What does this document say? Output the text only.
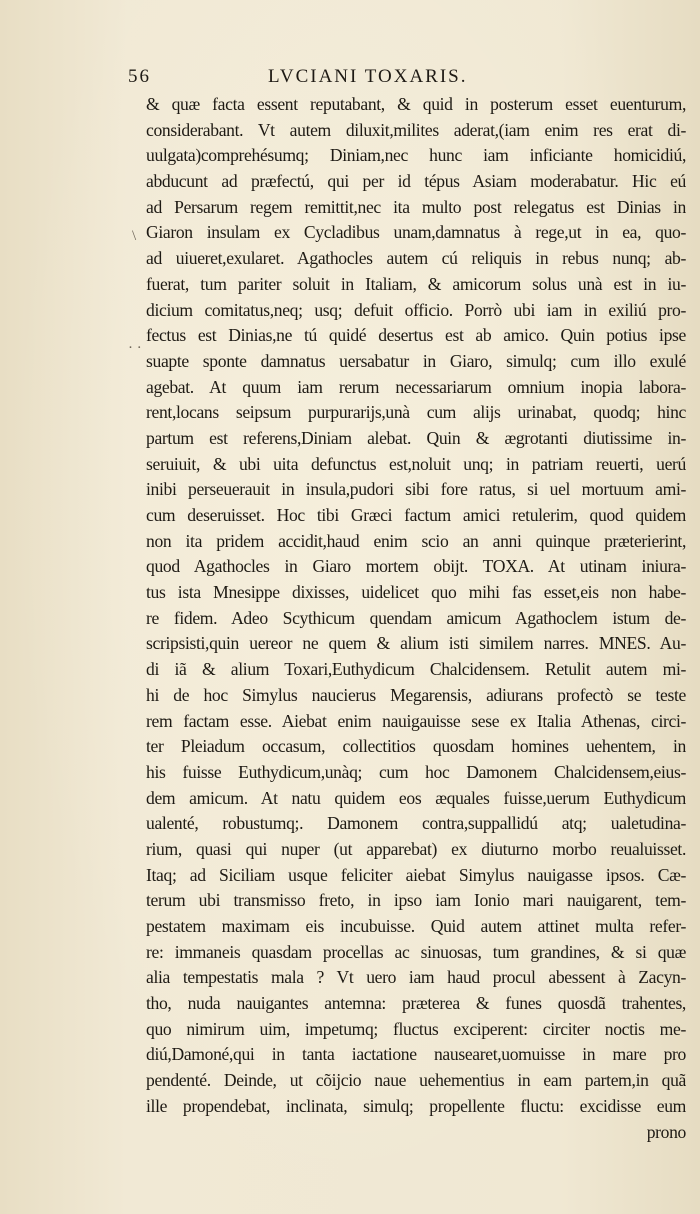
56	LVCIANI TOXARIS.
\
· ·
& quæ facta essent reputabant, & quid in posterum esset euenturum,
considerabant. Vt autem diluxit,milites aderat,(iam enim res erat di-
uulgata)comprehésumq; Diniam,nec hunc iam inficiante homicidiú,
abducunt ad præfectú, qui per id tépus Asiam moderabatur. Hic eú
ad Persarum regem remittit,nec ita multo post relegatus est Dinias in
Giaron insulam ex Cycladibus unam,damnatus à rege,ut in ea, quo-
ad uiueret,exularet. Agathocles autem cú reliquis in rebus nunq; ab-
fuerat, tum pariter soluit in Italiam, & amicorum solus unà est in iu-
dicium comitatus,neq; usq; defuit officio. Porrò ubi iam in exiliú pro-
fectus est Dinias,ne tú quidé desertus est ab amico. Quin potius ipse
suapte sponte damnatus uersabatur in Giaro, simulq; cum illo exulé
agebat. At quum iam rerum necessariarum omnium inopia labora-
rent,locans seipsum purpurarijs,unà cum alijs urinabat, quodq; hinc
partum est referens,Diniam alebat. Quin & ægrotanti diutissime in-
seruiuit, & ubi uita defunctus est,noluit unq; in patriam reuerti, uerú
inibi perseuerauit in insula,pudori sibi fore ratus, si uel mortuum ami-
cum deseruisset. Hoc tibi Græci factum amici retulerim, quod quidem
non ita pridem accidit,haud enim scio an anni quinque præterierint,
quod Agathocles in Giaro mortem obijt. TOXA. At utinam iniura-
tus ista Mnesippe dixisses, uidelicet quo mihi fas esset,eis non habe-
re fidem. Adeo Scythicum quendam amicum Agathoclem istum de-
scripsisti,quin uereor ne quem & alium isti similem narres. MNES. Au-
di iã & alium Toxari,Euthydicum Chalcidensem. Retulit autem mi-
hi de hoc Simylus naucierus Megarensis, adiurans profectò se teste
rem factam esse. Aiebat enim nauigauisse sese ex Italia Athenas, circi-
ter Pleiadum occasum, collectitios quosdam homines uehentem, in
his fuisse Euthydicum,unàq; cum hoc Damonem Chalcidensem,eius-
dem amicum. At natu quidem eos æquales fuisse,uerum Euthydicum
ualenté, robustumq;. Damonem contra,suppallidú atq; ualetudina-
rium, quasi qui nuper (ut apparebat) ex diuturno morbo reualuisset.
Itaq; ad Siciliam usque feliciter aiebat Simylus nauigasse ipsos. Cæ-
terum ubi transmisso freto, in ipso iam Ionio mari nauigarent, tem-
pestatem maximam eis incubuisse. Quid autem attinet multa refer-
re: immaneis quasdam procellas ac sinuosas, tum grandines, & si quæ
alia tempestatis mala ? Vt uero iam haud procul abessent à Zacyn-
tho, nuda nauigantes antemna: præterea & funes quosdã trahentes,
quo nimirum uim, impetumq; fluctus exciperent: circiter noctis me-
diú,Damoné,qui in tanta iactatione nausearet,uomuisse in mare pro
pendenté. Deinde, ut cõijcio naue uehementius in eam partem,in quã
ille propendebat, inclinata, simulq; propellente fluctu: excidisse eum
prono
